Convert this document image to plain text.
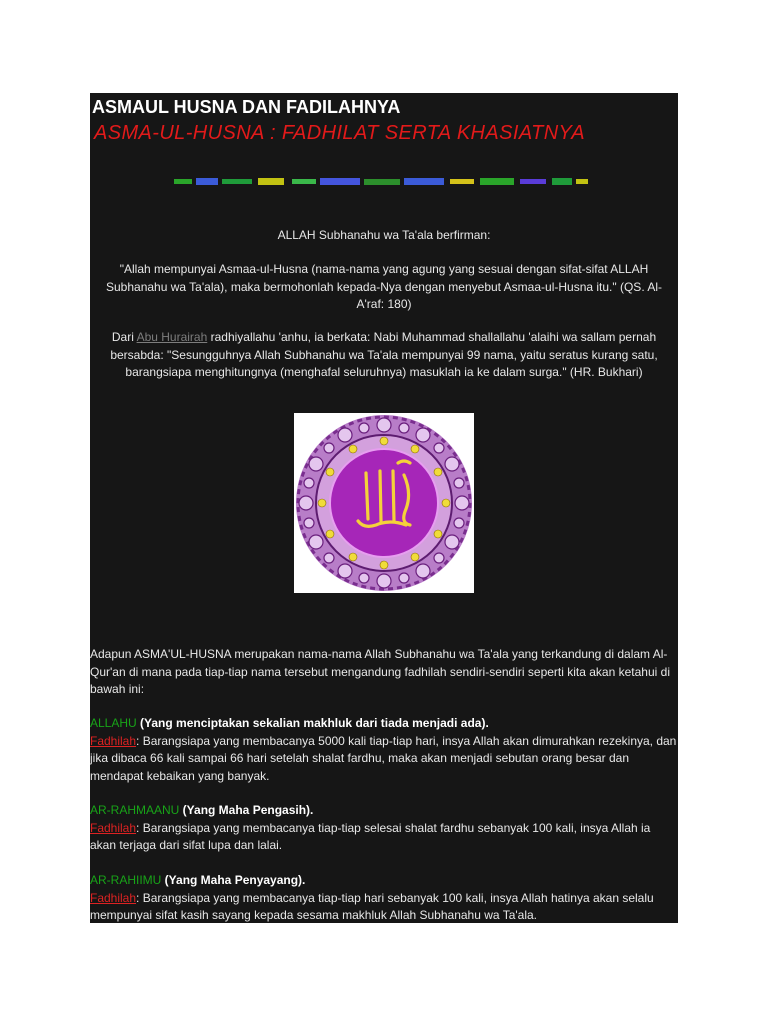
ASMAUL HUSNA DAN FADILAHNYA
ASMA-UL-HUSNA : FADHILAT SERTA KHASIATNYA
ALLAH Subhanahu wa Ta'ala berfirman:
"Allah mempunyai Asmaa-ul-Husna (nama-nama yang agung yang sesuai dengan sifat-sifat ALLAH Subhanahu wa Ta'ala), maka bermohonlah kepada-Nya dengan menyebut Asmaa-ul-Husna itu." (QS. Al-A'raf: 180)
Dari Abu Hurairah radhiyallahu 'anhu, ia berkata: Nabi Muhammad shallallahu 'alaihi wa sallam pernah bersabda: "Sesungguhnya Allah Subhanahu wa Ta'ala mempunyai 99 nama, yaitu seratus kurang satu, barangsiapa menghitungnya (menghafal seluruhnya) masuklah ia ke dalam surga." (HR. Bukhari)
Adapun ASMA'UL-HUSNA merupakan nama-nama Allah Subhanahu wa Ta'ala yang terkandung di dalam Al-Qur'an di mana pada tiap-tiap nama tersebut mengandung fadhilah sendiri-sendiri seperti kita akan ketahui di bawah ini:
ALLAHU (Yang menciptakan sekalian makhluk dari tiada menjadi ada).
Fadhilah: Barangsiapa yang membacanya 5000 kali tiap-tiap hari, insya Allah akan dimurahkan rezekinya, dan jika dibaca 66 kali sampai 66 hari setelah shalat fardhu, maka akan menjadi sebutan orang besar dan mendapat kebaikan yang banyak.
AR-RAHMAANU (Yang Maha Pengasih).
Fadhilah: Barangsiapa yang membacanya tiap-tiap selesai shalat fardhu sebanyak 100 kali, insya Allah ia akan terjaga dari sifat lupa dan lalai.
AR-RAHIIMU (Yang Maha Penyayang).
Fadhilah: Barangsiapa yang membacanya tiap-tiap hari sebanyak 100 kali, insya Allah hatinya akan selalu mempunyai sifat kasih sayang kepada sesama makhluk Allah Subhanahu wa Ta'ala.
